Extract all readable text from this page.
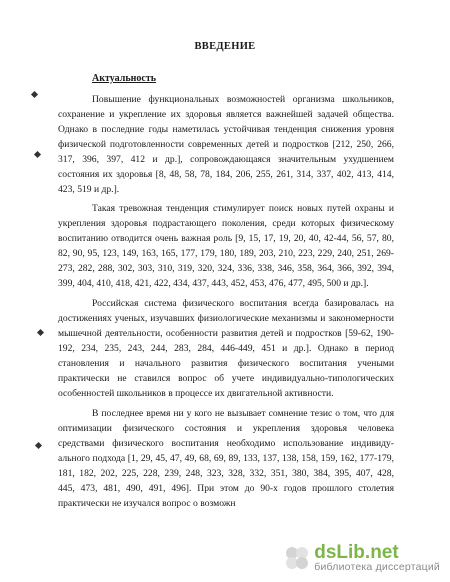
ВВЕДЕНИЕ
Актуальность
Повышение функциональных возможностей организма школьников,
сохранение и укрепление их здоровья является важнейшей задачей общества.
Однако в последние годы наметилась устойчивая тенденция снижения уровня
физической подготовленности современных детей и подростков [212, 250, 266,
317, 396, 397, 412 и др.], сопровождающаяся значительным ухудшением
состояния их здоровья [8, 48, 58, 78, 184, 206, 255, 261, 314, 337, 402, 413, 414,
423, 519 и др.].
Такая тревожная тенденция стимулирует поиск новых путей охраны и
укрепления здоровья подрастающего поколения, среди которых физическому
воспитанию отводится очень важная роль [9, 15, 17, 19, 20, 40, 42-44, 56, 57, 80,
82, 90, 95, 123, 149, 163, 165, 177, 179, 180, 189, 203, 210, 223, 229, 240, 251, 269-
273, 282, 288, 302, 303, 310, 319, 320, 324, 336, 338, 346, 358, 364, 366, 392, 394,
399, 404, 410, 418, 421, 422, 434, 437, 443, 452, 453, 476, 477, 495, 500 и др.].
Российская система физического воспитания всегда базировалась на
достижениях ученых, изучавших физиологические механизмы и закономерности
мышечной деятельности, особенности развития детей и подростков [59-62, 190-
192, 234, 235, 243, 244, 283, 284, 446-449, 451 и др.]. Однако в период
становления и начального развития физического воспитания учеными
практически не ставился вопрос об учете индивидуально-типологических
особенностей школьников в процессе их двигательной активности.
В последнее время ни у кого не вызывает сомнение тезис о том, что для
оптимизации физического состояния и укрепления здоровья человека
средствами физического воспитания необходимо использование индивиду-
ального подхода [1, 29, 45, 47, 49, 68, 69, 89, 133, 137, 138, 158, 159, 162, 177-179,
181, 182, 202, 225, 228, 239, 248, 323, 328, 332, 351, 380, 384, 395, 407, 428,
445, 473, 481, 490, 491, 496]. При этом до 90-х годов прошлого столетия
практически не изучался вопрос о возможн
dsLib.net
библиотека диссертаций
